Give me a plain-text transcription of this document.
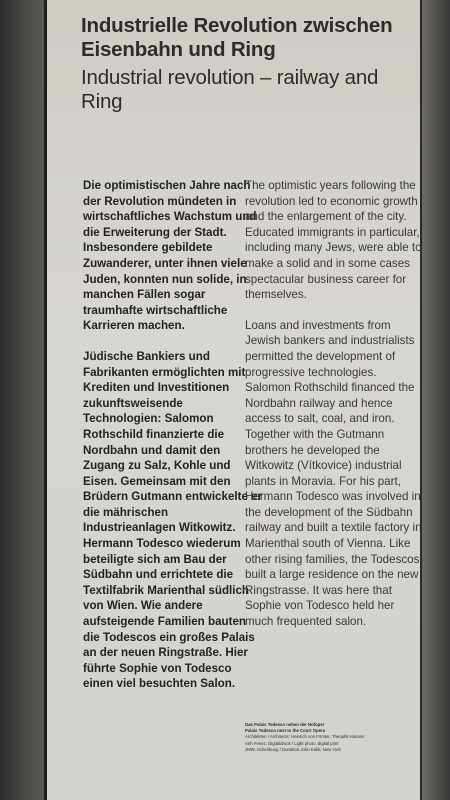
Industrielle Revolution zwischen Eisenbahn und Ring
Industrial revolution – railway and Ring

Die optimistischen Jahre nach der Revolution mündeten in wirtschaftliches Wachstum und die Erweiterung der Stadt. Insbesondere gebildete Zuwanderer, unter ihnen viele Juden, konnten nun solide, in manchen Fällen sogar traumhafte wirtschaftliche Karrieren machen.

Jüdische Bankiers und Fabrikanten ermöglichten mit Krediten und Investitionen zukunftsweisende Technologien: Salomon Rothschild finanzierte die Nordbahn und damit den Zugang zu Salz, Kohle und Eisen. Gemeinsam mit den Brüdern Gutmann entwickelte er die mährischen Industrieanlagen Witkowitz. Hermann Todesco wiederum beteiligte sich am Bau der Südbahn und errichtete die Textilfabrik Marienthal südlich von Wien. Wie andere aufsteigende Familien bauten die Todescos ein großes Palais an der neuen Ringstraße. Hier führte Sophie von Todesco einen viel besuchten Salon.

The optimistic years following the revolution led to economic growth and the enlargement of the city. Educated immigrants in particular, including many Jews, were able to make a solid and in some cases spectacular business career for themselves.

Loans and investments from Jewish bankers and industrialists permitted the development of progressive technologies. Salomon Rothschild financed the Nordbahn railway and hence access to salt, coal, and iron. Together with the Gutmann brothers he developed the Witkowitz (Vítkovice) industrial plants in Moravia. For his part, Hermann Todesco was involved in the development of the Südbahn railway and built a textile factory in Marienthal south of Vienna. Like other rising families, the Todescos built a large residence on the new Ringstrasse. It was here that Sophie von Todesco held her much frequented salon.

Das Palais Todesco neben der Hofoper
Palais Todesco next to the Court Opera
Architekten / Architects: Heinrich von Förster, Theophil Hansen
Anh Fenez, Digitaldruck / Light photo, digital print
JMW, Schenkung / Donation John Kalik, New York
